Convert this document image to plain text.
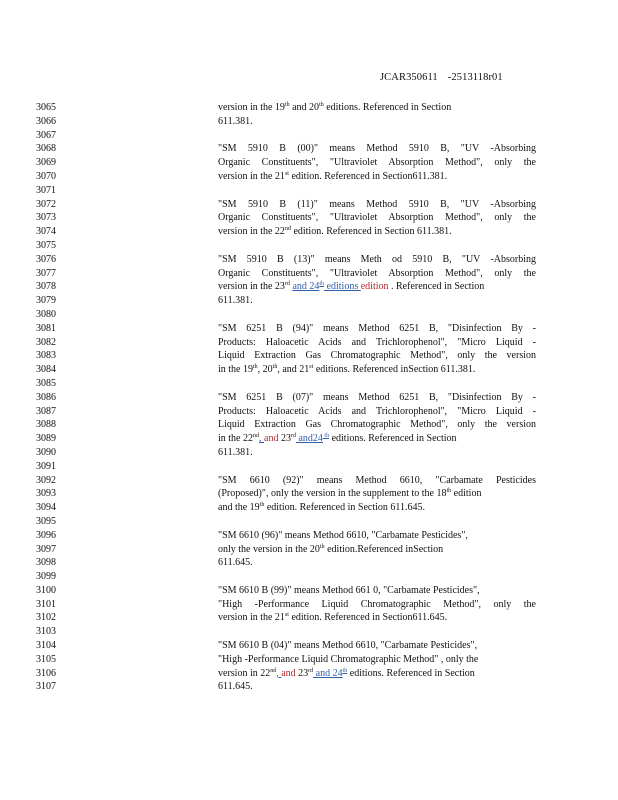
JCAR350611 -2513118r01
3065	version in the 19th and 20th editions. Referenced in Section
3066	611.381.
3067
3068	"SM 5910 B (00)" means Method 5910 B, "UV -Absorbing
3069	Organic Constituents", "Ultraviolet Absorption Method", only the
3070	version in the 21st edition. Referenced in Section611.381.
3071
3072	"SM 5910 B (11)" means Method 5910 B, "UV -Absorbing
3073	Organic Constituents", "Ultraviolet Absorption Method", only the
3074	version in the 22nd edition. Referenced in Section 611.381.
3075
3076	"SM 5910 B (13)" means Meth od 5910 B, "UV -Absorbing
3077	Organic Constituents", "Ultraviolet Absorption Method", only the
3078	version in the 23rd and 24th editions edition . Referenced in Section
3079	611.381.
3080
3081	"SM 6251 B (94)" means Method 6251 B, "Disinfection By -
3082	Products: Haloacetic Acids and Trichlorophenol", "Micro Liquid -
3083	Liquid Extraction Gas Chromatographic Method", only the version
3084	in the 19th, 20th, and 21st editions. Referenced inSection 611.381.
3085
3086	"SM 6251 B (07)" means Method 6251 B, "Disinfection By -
3087	Products: Haloacetic Acids and Trichlorophenol", "Micro Liquid -
3088	Liquid Extraction Gas Chromatographic Method", only the version
3089	in the 22nd, and 23rd and24 $^{th}$ editions. Referenced in Section
3090	611.381.
3091
3092	"SM 6610 (92)" means Method 6610, "Carbamate Pesticides
3093	(Proposed)", only the version in the supplement to the 18th edition
3094	and the 19th edition. Referenced in Section 611.645.
3095
3096	"SM 6610 (96)" means Method 6610, "Carbamate Pesticides",
3097	only the version in the 20th edition.Referenced inSection
3098	611.645.
3099
3100	"SM 6610 B (99)" means Method 661 0, "Carbamate Pesticides",
3101	"High -Performance Liquid Chromatographic Method", only the
3102	version in the 21st edition. Referenced in Section611.645.
3103
3104	"SM 6610 B (04)" means Method 6610, "Carbamate Pesticides",
3105	"High -Performance Liquid Chromatographic Method" , only the
3106	version in 22nd, and 23rd and 24th editions. Referenced in Section
3107	611.645.
